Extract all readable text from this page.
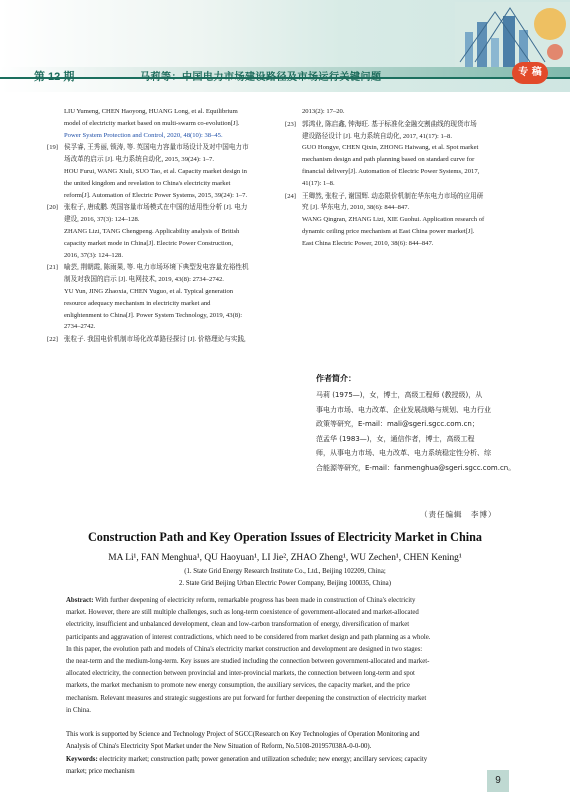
第 12 期	马莉等：中国电力市场建设路径及市场运行关键问题	专 稿
LIU Yumeng, CHEN Haoyong, HUANG Long, et al. Equilibrium
model of electricity market based on multi-swarm co-evolution[J].
Power System Protection and Control, 2020, 48(10): 38–45.
[19] 侯孚睿, 王秀丽, 锁涛, 等. 英国电力容量市场设计及对中国电力市
场改革的启示 [J]. 电力系统自动化, 2015, 39(24): 1–7.
HOU Furui, WANG Xiuli, SUO Tao, et al. Capacity market design in
the united kingdom and revelation to China's electricity market
reform[J]. Automation of Electric Power Systems, 2015, 39(24): 1–7.
[20] 张粒子, 唐成鹏. 英国容量市场模式在中国的适用性分析 [J]. 电力
建设, 2016, 37(3): 124–128.
ZHANG Lizi, TANG Chengpeng. Applicability analysis of British
capacity market mode in China[J]. Electric Power Construction,
2016, 37(3): 124–128.
[21] 喻芸, 荆朝霞, 陈雨果, 等. 电力市场环境下典型发电容量充裕性机
制及对我国的启示 [J]. 电网技术, 2019, 43(8): 2734–2742.
YU Yun, JING Zhaoxia, CHEN Yuguo, et al. Typical generation
resource adequacy mechanism in electricity market and
enlightenment to China[J]. Power System Technology, 2019, 43(8):
2734–2742.
[22] 张粒子. 我国电价机制市场化改革路径探讨 [J]. 价格理论与实践,
2013(2): 17–20.
[23] 郭鸿业, 陈启鑫, 钟海旺. 基于标准化金融交割曲线的现货市场
建设路径设计 [J]. 电力系统自动化, 2017, 41(17): 1–8.
GUO Hongye, CHEN Qixin, ZHONG Haiwang, et al. Spot market
mechanism design and path planning based on standard curve for
financial delivery[J]. Automation of Electric Power Systems, 2017,
41(17): 1–8.
[24] 王卿然, 张粒子, 谢国辉. 动态限价机制在华东电力市场的应用研
究 [J]. 华东电力, 2010, 38(6): 844–847.
WANG Qingran, ZHANG Lizi, XIE Guohui. Application research of
dynamic ceiling price mechanism at East China power market[J].
East China Electric Power, 2010, 38(6): 844–847.
作者简介：
马莉 (1975—)，女，博士，高级工程师 (教授级)，从
事电力市场、电力改革、企业发展战略与规划、电力行业
政策等研究，E-mail：mali@sgeri.sgcc.com.cn；
范孟华 (1983—)，女，通信作者，博士，高级工程
师，从事电力市场、电力改革、电力系统稳定性分析、综
合能源等研究，E-mail：fanmenghua@sgeri.sgcc.com.cn。
（责任编辑　李博）
Construction Path and Key Operation Issues of Electricity Market in China
MA Li¹, FAN Menghua¹, QU Haoyuan¹, LI Jie², ZHAO Zheng¹, WU Zechen¹, CHEN Kening¹
(1. State Grid Energy Research Institute Co., Ltd., Beijing 102209, China;
2. State Grid Beijing Urban Electric Power Company, Beijing 100035, China)
Abstract: With further deepening of electricity reform, remarkable progress has been made in construction of China's electricity
market. However, there are still multiple challenges, such as long-term coexistence of government-allocated and market-allocated
electricity, insufficient and unbalanced development, clean and low-carbon transformation of energy, diversification of market
participants and aggravation of interest contradictions, which need to be considered from market design and path planning as a whole.
In this paper, the evolution path and models of China's electricity market construction and development are designed in two stages:
the near-term and the medium-long-term. Key issues are studied including the connection between government-allocated and market-
allocated electricity, the connection between provincial and inter-provincial markets, the connection between long-term and spot
markets, the market mechanism to promote new energy consumption, the auxiliary services, the capacity market, and the price
mechanism. Relevant measures and strategic suggestions are put forward for further deepening the construction of electricity market
in China.
This work is supported by Science and Technology Project of SGCC(Research on Key Technologies of Operation Monitoring and
Analysis of China's Electricity Spot Market under the New Situation of Reform, No.5108-201957038A-0-0-00).
Keywords: electricity market; construction path; power generation and utilization schedule; new energy; ancillary services; capacity
market; price mechanism
9
